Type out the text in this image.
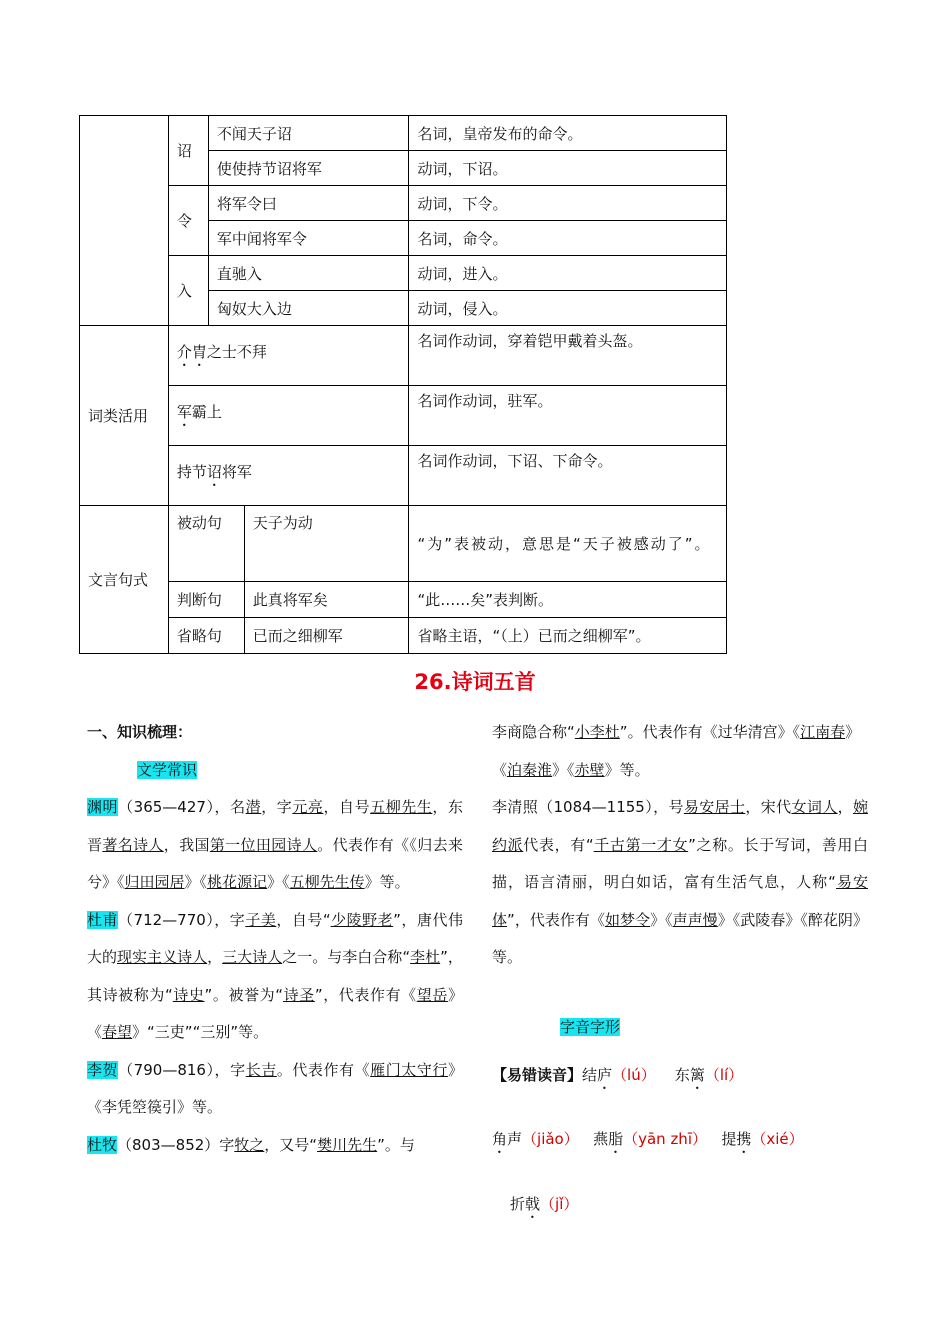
	诏	不闻天子诏		名词，皇帝发布的命令。
		使使持节诏将军		动词，下诏。
	令	将军令曰		动词，下令。
		军中闻将军令		名词，命令。
	入	直驰入		动词，进入。
		匈奴大入边		动词，侵入。
词类活用	介胄之士不拜			名词作动词，穿着铠甲戴着头盔。
	军霸上			名词作动词，驻军。
	持节诏将军			名词作动词，下诏、下命令。
文言句式	被动句		天子为动	“为”表被动，意思是“天子被感动了”。
	判断句		此真将军矣	“此……矣”表判断。
	省略句		已而之细柳军	省略主语，“（上）已而之细柳军”。
26.诗词五首

一、知识梳理：

文学常识

渊明（365—427），名潜，字元亮，自号五柳先生，东晋著名诗人，我国第一位田园诗人。代表作有《《归去来兮》《归田园居》《桃花源记》《五柳先生传》等。

杜甫（712—770），字子美，自号“少陵野老”，唐代伟大的现实主义诗人，三大诗人之一。与李白合称“李杜”，其诗被称为“诗史”。被誉为“诗圣”，代表作有《望岳》《春望》“三吏”“三别”等。

李贺（790—816），字长吉。代表作有《雁门太守行》《李凭箜篌引》等。

杜牧（803—852）字牧之，又号“樊川先生”。与

李商隐合称“小李杜”。代表作有《过华清宫》《江南春》《泊秦淮》《赤壁》等。

李清照（1084—1155），号易安居士，宋代女词人，婉约派代表，有“千古第一才女”之称。长于写词，善用白描，语言清丽，明白如话，富有生活气息，人称“易安体”，代表作有《如梦令》《声声慢》《武陵春》《醉花阴》等。

字音字形
【易错读音】结庐（lú） 东篱（lí）
角声（jiǎo） 燕脂（yān zhī） 提携（xié）
折戟（jǐ）
